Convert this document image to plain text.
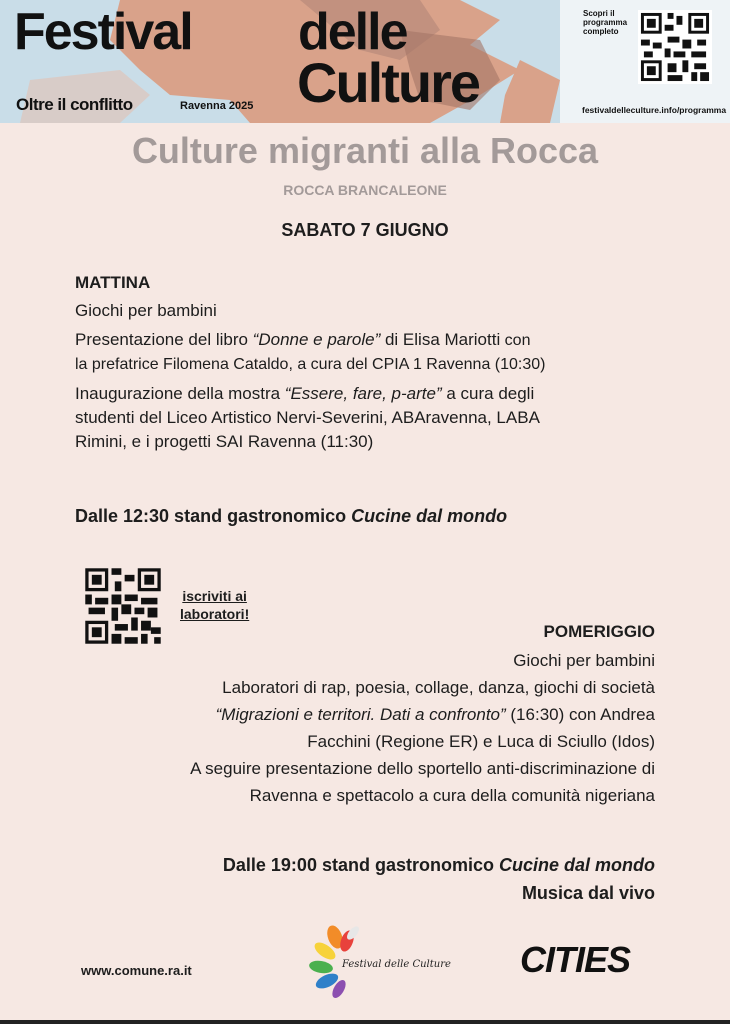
Festival delle
Culture
Oltre il conflitto	Ravenna 2025
Scopri il programma completo
festivaldelleculture.info/programma
Culture migranti alla Rocca
ROCCA BRANCALEONE
SABATO 7 GIUGNO
MATTINA
Giochi per bambini
Presentazione del libro “Donne e parole” di Elisa Mariotti con
la prefatrice Filomena Cataldo, a cura del CPIA 1 Ravenna (10:30)
Inaugurazione della mostra “Essere, fare, p-arte” a cura degli
studenti del Liceo Artistico Nervi-Severini, ABAravenna, LABA
Rimini, e i progetti SAI Ravenna (11:30)
Dalle 12:30 stand gastronomico Cucine dal mondo
iscriviti ai
laboratori!
POMERIGGIO
Giochi per bambini
Laboratori di rap, poesia, collage, danza, giochi di società
“Migrazioni e territori. Dati a confronto” (16:30) con Andrea
Facchini (Regione ER) e Luca di Sciullo (Idos)
A seguire presentazione dello sportello anti-discriminazione di
Ravenna e spettacolo a cura della comunità nigeriana
Dalle 19:00 stand gastronomico Cucine dal mondo
Musica dal vivo
www.comune.ra.it	Festival delle Culture CITIES
